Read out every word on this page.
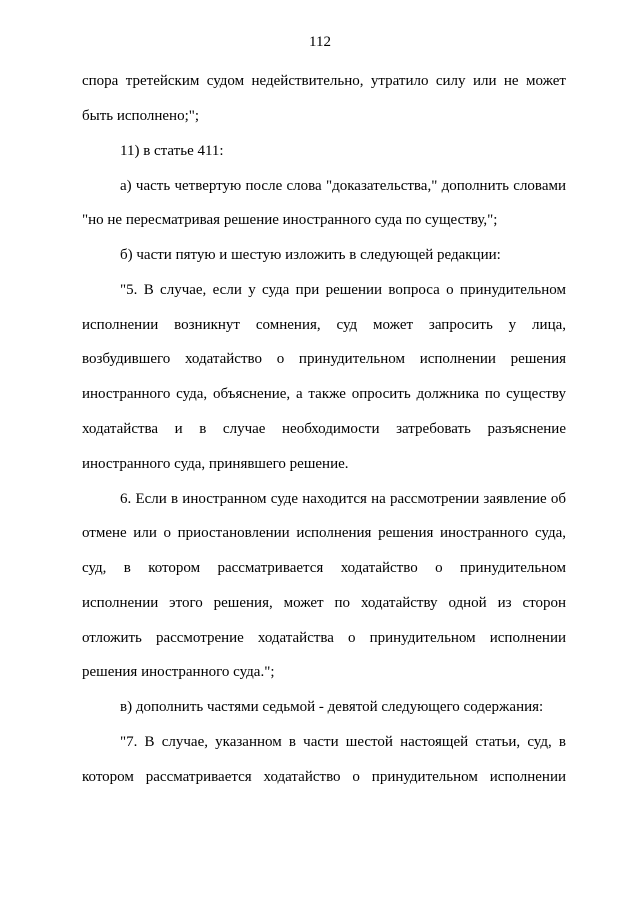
112
спора третейским судом недействительно, утратило силу или не может
быть исполнено;";
11) в статье 411:
а) часть четвертую после слова "доказательства," дополнить словами
"но не пересматривая решение иностранного суда по существу,";
б) части пятую и шестую изложить в следующей редакции:
"5. В случае, если у суда при решении вопроса о принудительном
исполнении возникнут сомнения, суд может запросить у лица,
возбудившего ходатайство о принудительном исполнении решения
иностранного суда, объяснение, а также опросить должника по существу
ходатайства и в случае необходимости затребовать разъяснение
иностранного суда, принявшего решение.
6. Если в иностранном суде находится на рассмотрении заявление об
отмене или о приостановлении исполнения решения иностранного суда,
суд, в котором рассматривается ходатайство о принудительном
исполнении этого решения, может по ходатайству одной из сторон
отложить рассмотрение ходатайства о принудительном исполнении
решения иностранного суда.";
в) дополнить частями седьмой - девятой следующего содержания:
"7. В случае, указанном в части шестой настоящей статьи, суд, в
котором рассматривается ходатайство о принудительном исполнении
